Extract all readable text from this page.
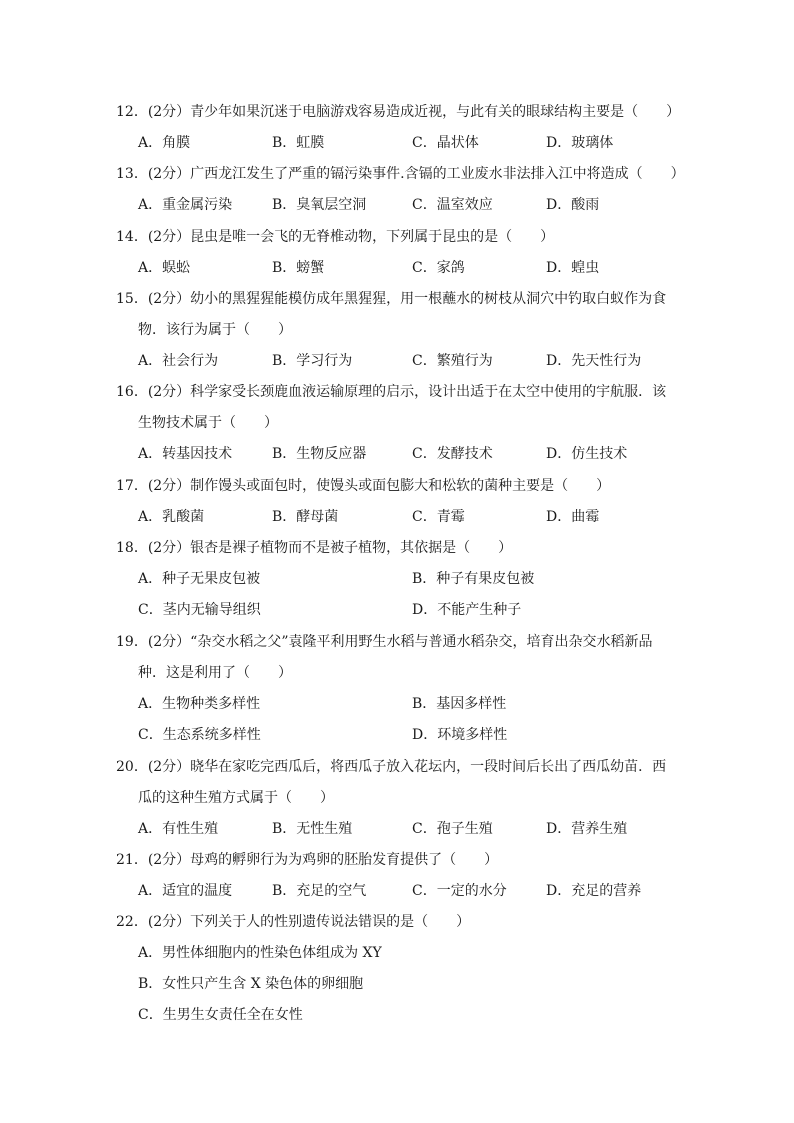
12．(2分）青少年如果沉迷于电脑游戏容易造成近视，与此有关的眼球结构主要是（　　）
A．角膜	B．虹膜	C．晶状体	D．玻璃体
13．(2分）广西龙江发生了严重的镉污染事件.含镉的工业废水非法排入江中将造成（　　）
A．重金属污染	B．臭氧层空洞	C．温室效应	D．酸雨
14．(2分）昆虫是唯一会飞的无脊椎动物，下列属于昆虫的是（　　）
A．蜈蚣	B．螃蟹	C．家鸽	D．蝗虫
15．(2分）幼小的黑猩猩能模仿成年黑猩猩，用一根蘸水的树枝从洞穴中钓取白蚁作为食
物．该行为属于（　　）
A．社会行为	B．学习行为	C．繁殖行为	D．先天性行为
16．(2分）科学家受长颈鹿血液运输原理的启示，设计出适于在太空中使用的宇航服．该
生物技术属于（　　）
A．转基因技术	B．生物反应器	C．发酵技术	D．仿生技术
17．(2分）制作馒头或面包时，使馒头或面包膨大和松软的菌种主要是（　　）
A．乳酸菌	B．酵母菌	C．青霉	D．曲霉
18．(2分）银杏是裸子植物而不是被子植物，其依据是（　　）
A．种子无果皮包被	B．种子有果皮包被
C．茎内无输导组织	D．不能产生种子
19．(2分）“杂交水稻之父”袁隆平利用野生水稻与普通水稻杂交，培育出杂交水稻新品
种．这是利用了（　　）
A．生物种类多样性	B．基因多样性
C．生态系统多样性	D．环境多样性
20．(2分）晓华在家吃完西瓜后，将西瓜子放入花坛内，一段时间后长出了西瓜幼苗．西
瓜的这种生殖方式属于（　　）
A．有性生殖	B．无性生殖	C．孢子生殖	D．营养生殖
21．(2分）母鸡的孵卵行为为鸡卵的胚胎发育提供了（　　）
A．适宜的温度	B．充足的空气	C．一定的水分	D．充足的营养
22．(2分）下列关于人的性别遗传说法错误的是（　　）
A．男性体细胞内的性染色体组成为 XY
B．女性只产生含 X 染色体的卵细胞
C．生男生女责任全在女性
